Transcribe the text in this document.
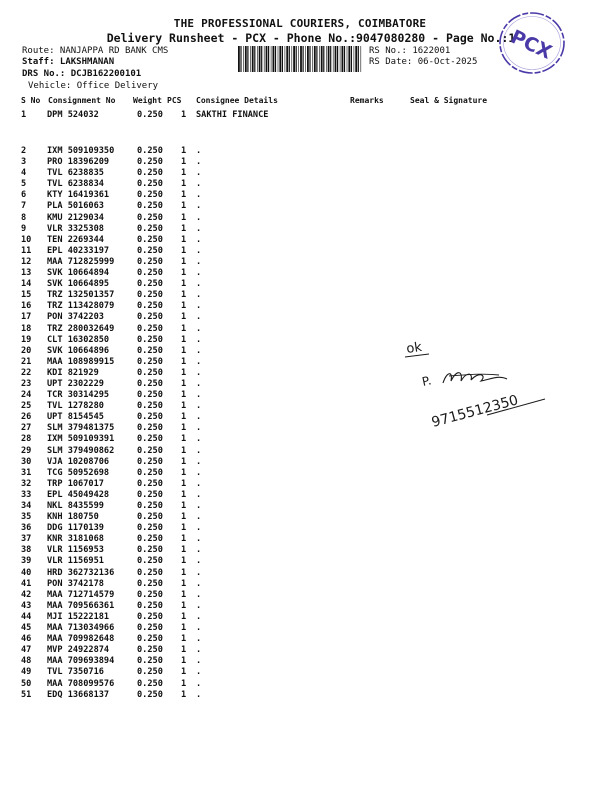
THE PROFESSIONAL COURIERS, COIMBATORE
Delivery Runsheet - PCX - Phone No.:9047080280 - Page No.:1
Route: NANJAPPA RD BANK CMS
Staff: LAKSHMANAN
DRS No.: DCJB162200101
Vehicle: Office Delivery
RS No.: 1622001
RS Date: 06-Oct-2025 PCX
S No Consignment No Weight PCS Consignee Details	Remarks	Seal & Signature
1 DPM 524032	0.250 1 SAKTHI FINANCE
2 IXM 509109350	0.250 1 .
3 PRO 18396209	0.250 1 .
4 TVL 6238835	0.250 1 .
5 TVL 6238834	0.250 1 .
6 KTY 16419361	0.250 1 .
7 PLA 5016063	0.250 1 .
8 KMU 2129034	0.250 1 .
9 VLR 3325308	0.250 1 .
10 TEN 2269344	0.250 1 .
11 EPL 40233197	0.250 1 .
12 MAA 712825999	0.250 1 .
13 SVK 10664894	0.250 1 .
14 SVK 10664895	0.250 1 .
15 TRZ 132501357	0.250 1 .
16 TRZ 113428079	0.250 1 .
17 PON 3742203	0.250 1 .
18 TRZ 280032649	0.250 1 .
19 CLT 16302850	0.250 1 .
20 SVK 10664896	0.250 1 .
21 MAA 108989915	0.250 1 .
22 KDI 821929	0.250 1 .
23 UPT 2302229	0.250 1 .
24 TCR 30314295	0.250 1 .
25 TVL 1278280	0.250 1 .
26 UPT 8154545	0.250 1 .
27 SLM 379481375	0.250 1 .
28 IXM 509109391	0.250 1 .
29 SLM 379490862	0.250 1 .
30 VJA 10208706	0.250 1 .
31 TCG 50952698	0.250 1 .
32 TRP 1067017	0.250 1 .
33 EPL 45049428	0.250 1 .
34 NKL 8435599	0.250 1 .
35 KNH 180750	0.250 1 .
36 DDG 1170139	0.250 1 .
37 KNR 3181068	0.250 1 .
38 VLR 1156953	0.250 1 .
39 VLR 1156951	0.250 1 .
40 HRD 362732136	0.250 1 .
41 PON 3742178	0.250 1 .
42 MAA 712714579	0.250 1 .
43 MAA 709566361	0.250 1 .
44 MJI 15222181	0.250 1 .
45 MAA 713034966	0.250 1 .
46 MAA 709982648	0.250 1 .
47 MVP 24922874	0.250 1 .
48 MAA 709693894	0.250 1 .
49 TVL 7350716	0.250 1 .
50 MAA 708099576	0.250 1 .
51 EDQ 13668137	0.250 1 .
ok
P.
9715512350
